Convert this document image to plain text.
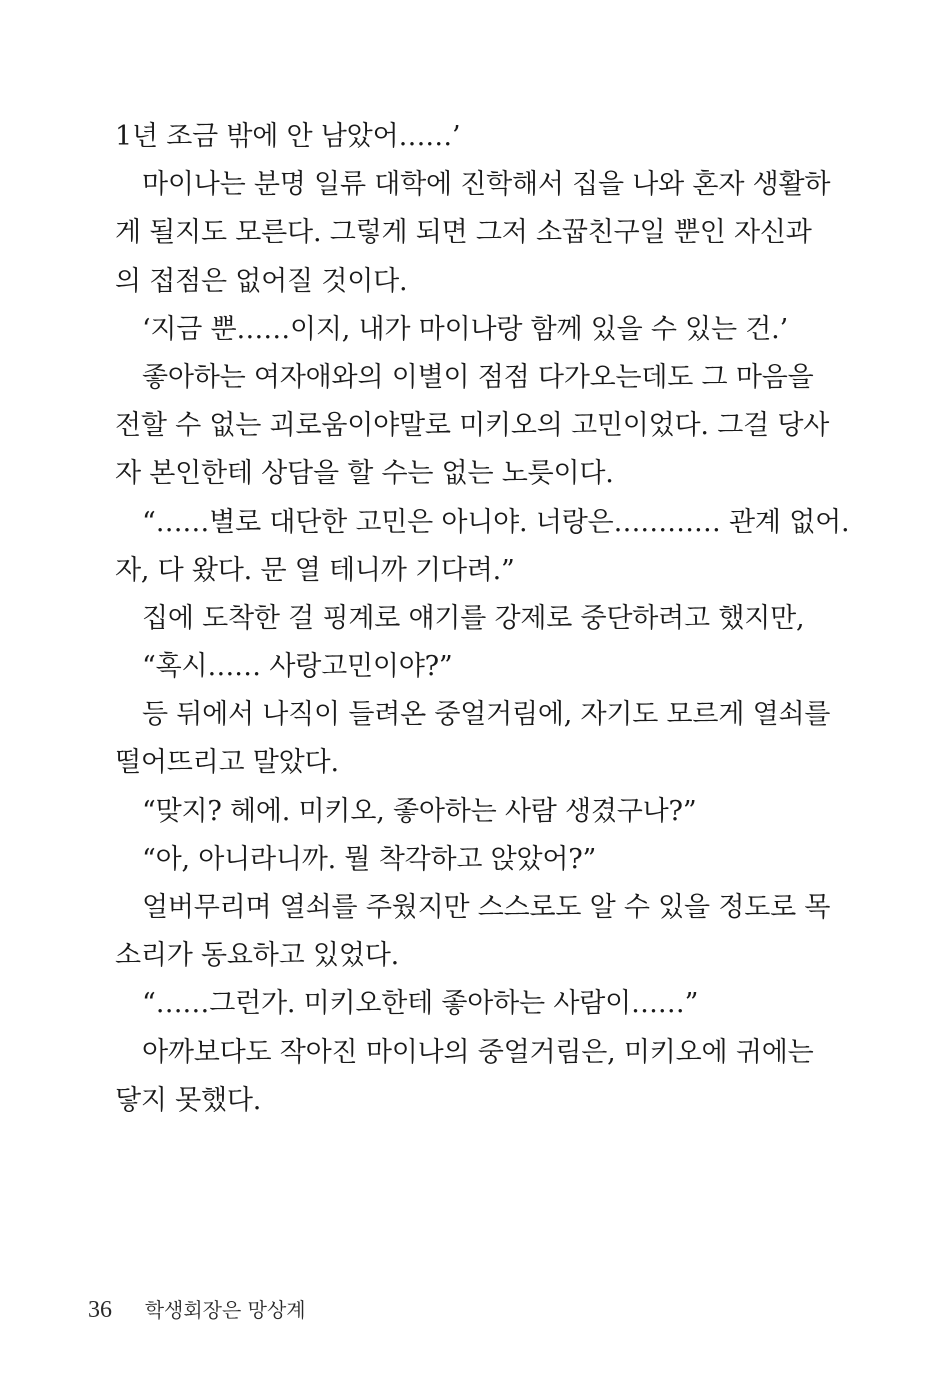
1년 조금 밖에 안 남았어……’
마이나는 분명 일류 대학에 진학해서 집을 나와 혼자 생활하
게 될지도 모른다. 그렇게 되면 그저 소꿉친구일 뿐인 자신과
의 접점은 없어질 것이다.
‘지금 뿐……이지, 내가 마이나랑 함께 있을 수 있는 건.’
좋아하는 여자애와의 이별이 점점 다가오는데도 그 마음을
전할 수 없는 괴로움이야말로 미키오의 고민이었다. 그걸 당사
자 본인한테 상담을 할 수는 없는 노릇이다.
“……별로 대단한 고민은 아니야. 너랑은………… 관계 없어.
자, 다 왔다. 문 열 테니까 기다려.”
집에 도착한 걸 핑계로 얘기를 강제로 중단하려고 했지만,
“혹시…… 사랑고민이야?”
등 뒤에서 나직이 들려온 중얼거림에, 자기도 모르게 열쇠를
떨어뜨리고 말았다.
“맞지? 헤에. 미키오, 좋아하는 사람 생겼구나?”
“아, 아니라니까. 뭘 착각하고 앉았어?”
얼버무리며 열쇠를 주웠지만 스스로도 알 수 있을 정도로 목
소리가 동요하고 있었다.
“……그런가. 미키오한테 좋아하는 사람이……”
아까보다도 작아진 마이나의 중얼거림은, 미키오에 귀에는
닿지 못했다.
36 학생회장은 망상계
